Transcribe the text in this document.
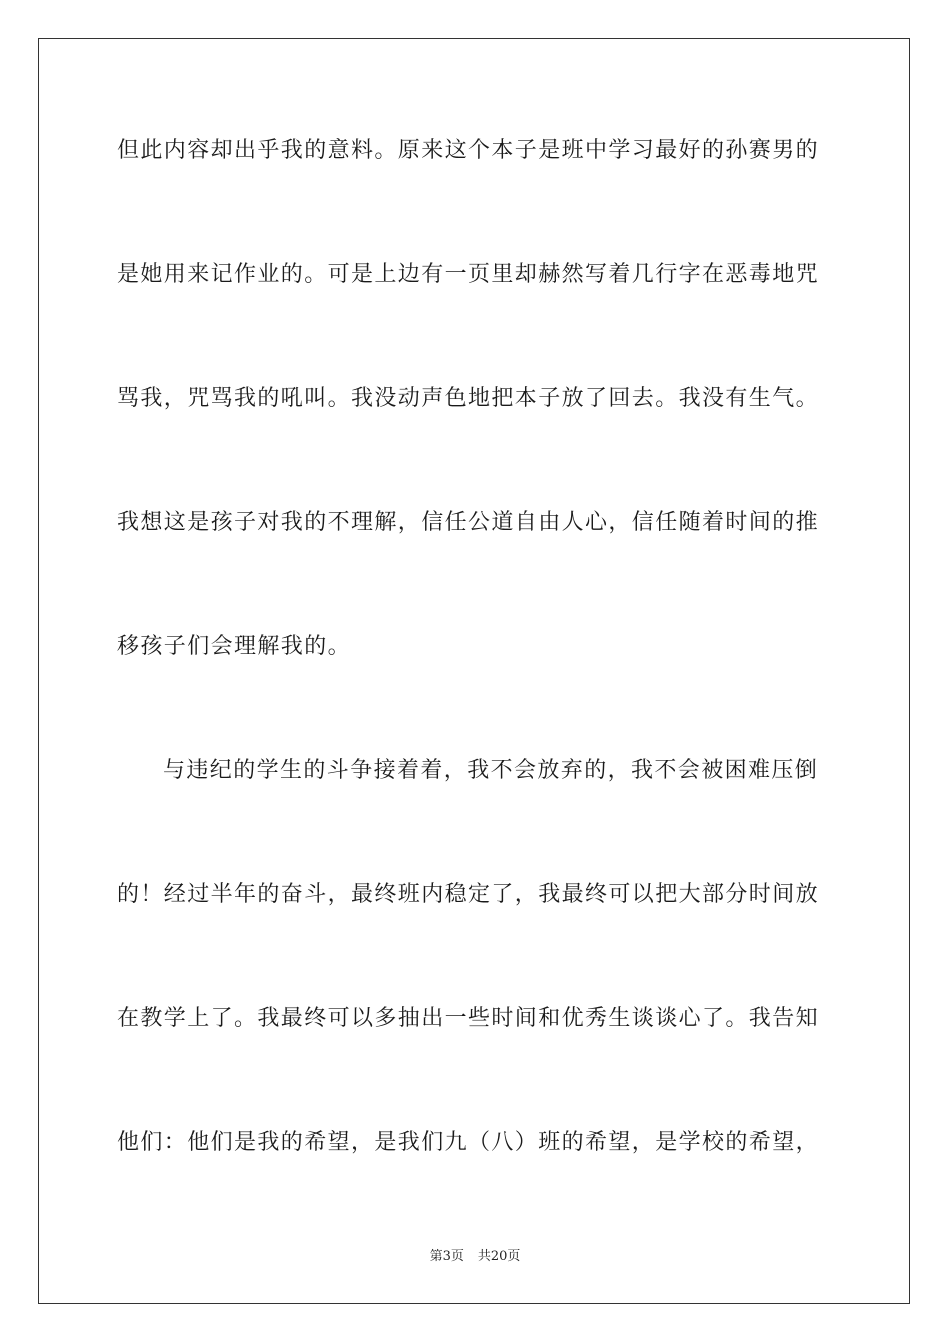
但此内容却出乎我的意料。原来这个本子是班中学习最好的孙赛男的
是她用来记作业的。可是上边有一页里却赫然写着几行字在恶毒地咒
骂我，咒骂我的吼叫。我没动声色地把本子放了回去。我没有生气。
我想这是孩子对我的不理解，信任公道自由人心，信任随着时间的推
移孩子们会理解我的。
与违纪的学生的斗争接着着，我不会放弃的，我不会被困难压倒
的！经过半年的奋斗，最终班内稳定了，我最终可以把大部分时间放
在教学上了。我最终可以多抽出一些时间和优秀生谈谈心了。我告知
他们：他们是我的希望，是我们九（八）班的希望，是学校的希望，
第3页 共20页
